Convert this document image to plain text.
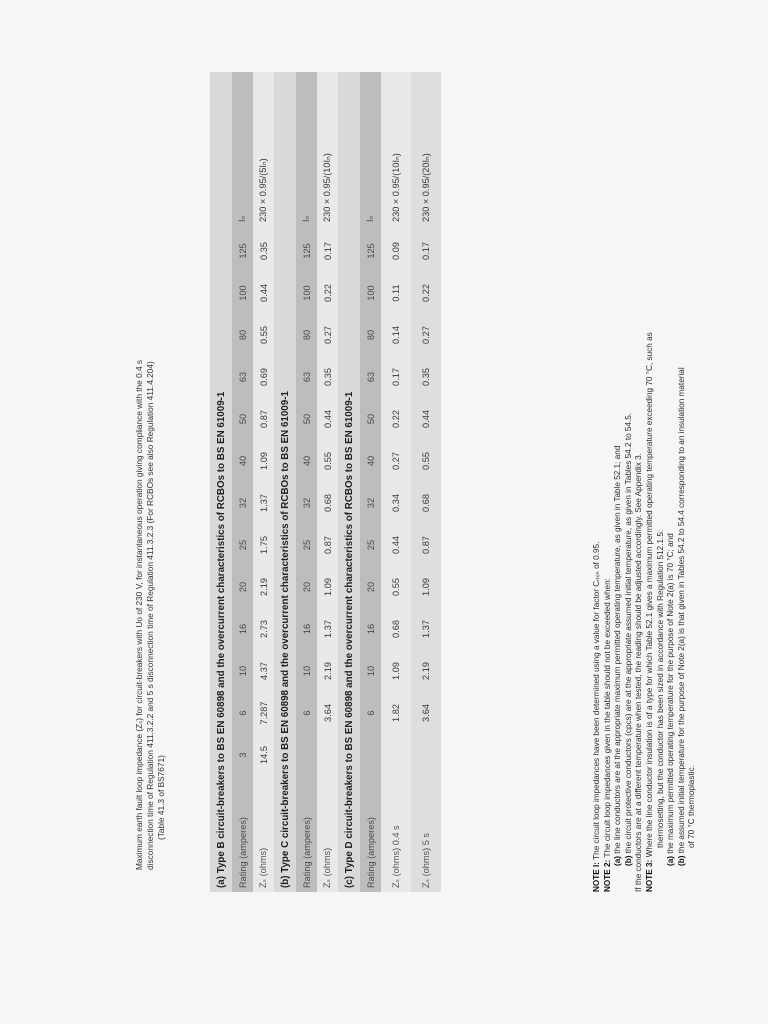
Maximum earth fault loop impedance (Zₛ) for circuit-breakers with Uo of 230 V, for instantaneous operation giving compliance with the 0.4 s disconnection time of Regulation 411.3.2.2 and 5 s disconnection time of Regulation 411.3.2.3 (For RCBOs see also Regulation 411.4.204) (Table 41.3 of BS7671)	(a) Type B circuit-breakers to BS EN 60898 and the overcurrent characteristics of RCBOs to BS EN 61009-1														
Rating (amperes)	3	6	10	16	20	25	32	40	50	63	80	100	125	Iₙ
Zₛ (ohms)	14.5	7.287	4.37	2.73	2.19	1.75	1.37	1.09	0.87	0.69	0.55	0.44	0.35	230 × 0.95/(5Iₙ)
(b) Type C circuit-breakers to BS EN 60898 and the overcurrent characteristics of RCBOs to BS EN 61009-1														
Rating (amperes)		6	10	16	20	25	32	40	50	63	80	100	125	Iₙ
Zₛ (ohms)		3.64	2.19	1.37	1.09	0.87	0.68	0.55	0.44	0.35	0.27	0.22	0.17	230 × 0.95/(10Iₙ)
(c) Type D circuit-breakers to BS EN 60898 and the overcurrent characteristics of RCBOs to BS EN 61009-1														
Rating (amperes)		6	10	16	20	25	32	40	50	63	80	100	125	Iₙ
Zₛ (ohms) 0.4 s		1.82	1.09	0.68	0.55	0.44	0.34	0.27	0.22	0.17	0.14	0.11	0.09	230 × 0.95/(10Iₙ)
Zₛ (ohms) 5 s		3.64	2.19	1.37	1.09	0.87	0.68	0.55	0.44	0.35	0.27	0.22	0.17	230 × 0.95/(20Iₙ)

NOTE I: The circuit loop impedances have been determined using a value for factor Cₘᵢₙ of 0.95.

NOTE 2: The circuit loop impedances given in the table should not be exceeded when:

(a) the line conductors are at the appropriate maximum permitted operating temperature, as given in Table 52.1; and

(b) the circuit protective conductors (cpcs) are at the appropriate assumed initial temperature, as given in Tables 54.2 to 54.5. If the conductors are at a different temperature when tested, the reading should be adjusted accordingly. See Appendix 3. NOTE 3: Where the line conductor insulation is of a type for which Table 52.1 gives a maximum permitted operating temperature exceeding 70 °C, such as thermosetting, but the conductor has been sized in accordance with Regulation 512.1.5:

(a) the maximum permitted operating temperature for the purpose of Note 2(a) is 70 °C; and

(b) the assumed initial temperature for the purpose of Note 2(a) is that given in Tables 54.2 to 54.4 corresponding to an insulation material of 70 °C thermoplastic.
